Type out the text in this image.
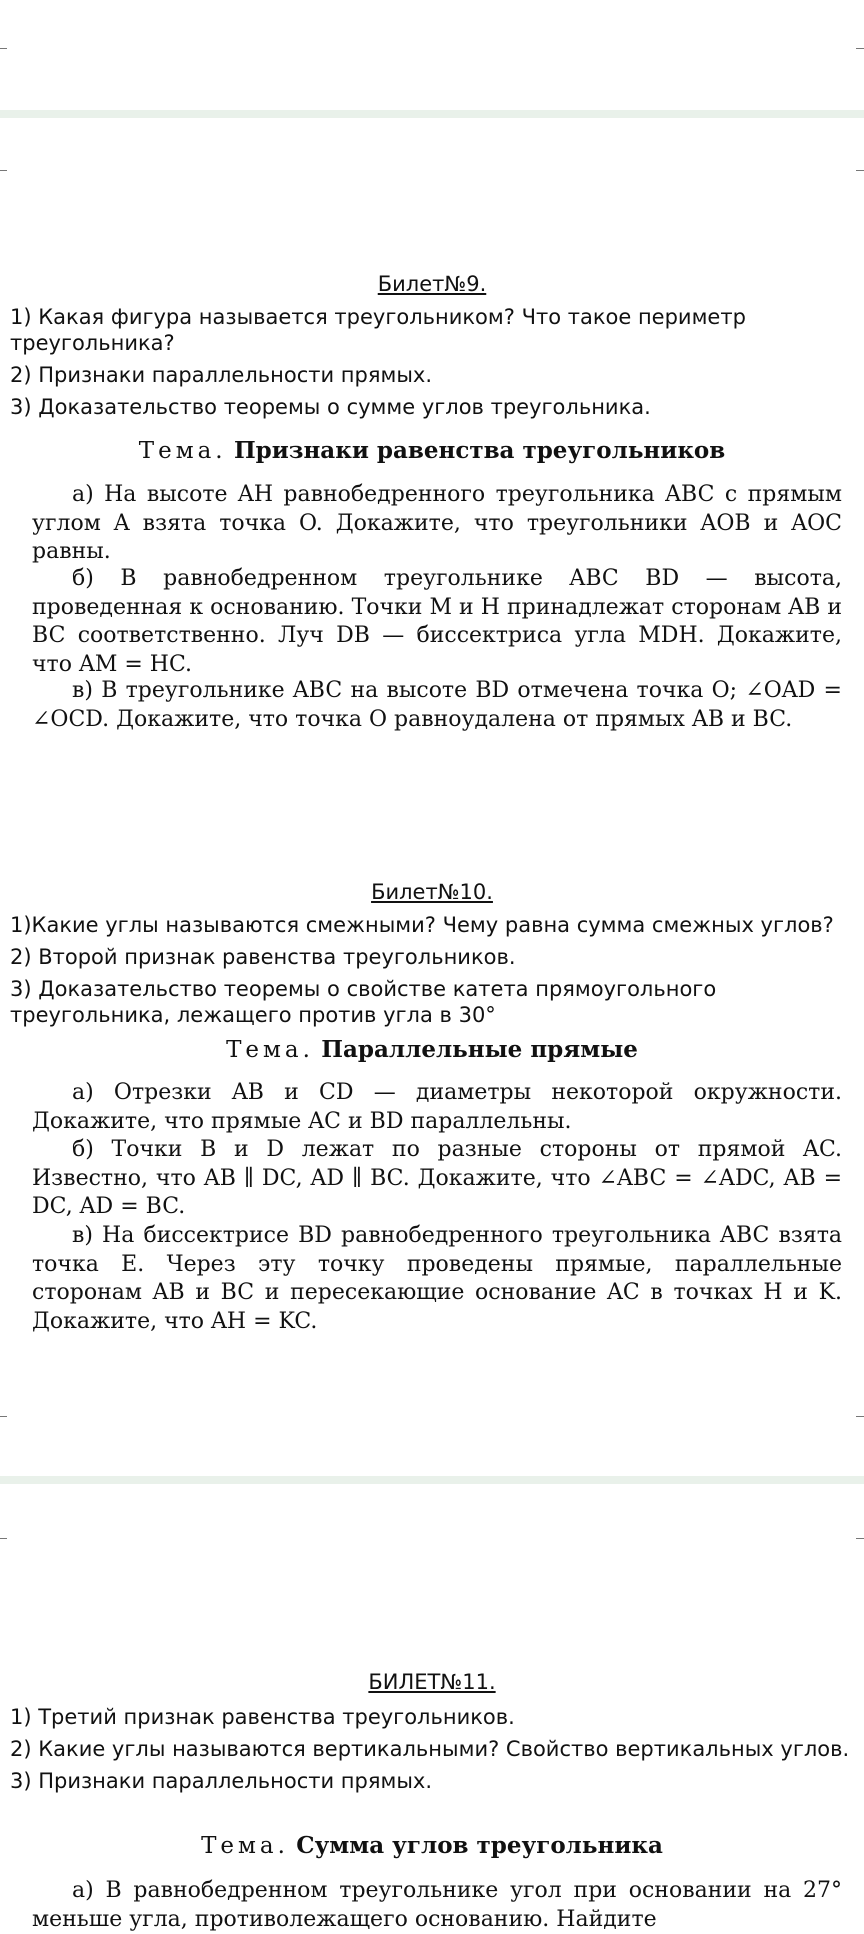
Билет№9.
1) Какая фигура называется треугольником? Что такое периметр треугольника?
2) Признаки параллельности прямых.
3) Доказательство теоремы о сумме углов треугольника.
Тема. Признаки равенства треугольников
а) На высоте AH равнобедренного треугольника ABC с прямым углом A взята точка O. Докажите, что треугольники AOB и AOC равны.
б) В равнобедренном треугольнике ABC BD — высота, проведенная к основанию. Точки M и H принадлежат сторонам AB и BC соответственно. Луч DB — биссектриса угла MDH. Докажите, что AM = HC.
в) В треугольнике ABC на высоте BD отмечена точка O; ∠OAD = ∠OCD. Докажите, что точка O равноудалена от прямых AB и BC.
Билет№10.
1)Какие углы называются смежными? Чему равна сумма смежных углов?
2) Второй признак равенства треугольников.
3) Доказательство теоремы о свойстве катета прямоугольного треугольника, лежащего против угла в 30°
Тема. Параллельные прямые
а) Отрезки AB и CD — диаметры некоторой окружности. Докажите, что прямые AC и BD параллельны.
б) Точки B и D лежат по разные стороны от прямой AC. Известно, что AB ∥ DC, AD ∥ BC. Докажите, что ∠ABC = ∠ADC, AB = DC, AD = BC.
в) На биссектрисе BD равнобедренного треугольника ABC взята точка E. Через эту точку проведены прямые, параллельные сторонам AB и BC и пересекающие основание AC в точках H и K. Докажите, что AH = KC.
БИЛЕТ№11.
1) Третий признак равенства треугольников.
2) Какие углы называются вертикальными? Свойство вертикальных углов.
3) Признаки параллельности прямых.
Тема. Сумма углов треугольника
а) В равнобедренном треугольнике угол при основании на 27° меньше угла, противолежащего основанию. Найдите
